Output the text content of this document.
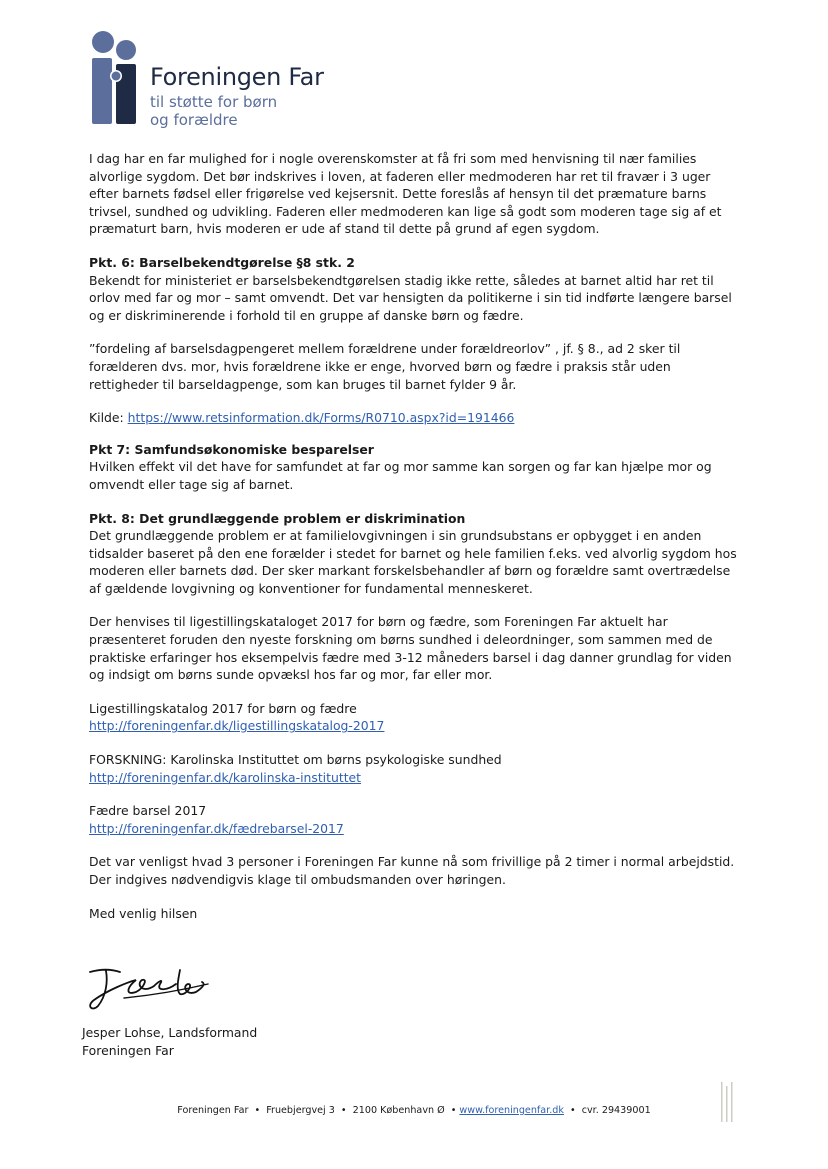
Foreningen Far
til støtte for børn
og forældre

I dag har en far mulighed for i nogle overenskomster at få fri som med henvisning til nær families alvorlige sygdom. Det bør indskrives i loven, at faderen eller medmoderen har ret til fravær i 3 uger efter barnets fødsel eller frigørelse ved kejsersnit. Dette foreslås af hensyn til det præmature barns trivsel, sundhed og udvikling. Faderen eller medmoderen kan lige så godt som moderen tage sig af et præmaturt barn, hvis moderen er ude af stand til dette på grund af egen sygdom.

Pkt. 6: Barselbekendtgørelse §8 stk. 2
Bekendt for ministeriet er barselsbekendtgørelsen stadig ikke rette, således at barnet altid har ret til orlov med far og mor – samt omvendt. Det var hensigten da politikerne i sin tid indførte længere barsel og er diskriminerende i forhold til en gruppe af danske børn og fædre.

”fordeling af barselsdagpengeret mellem forældrene under forældreorlov” , jf. § 8., ad 2 sker til forælderen dvs. mor, hvis forældrene ikke er enge, hvorved børn og fædre i praksis står uden rettigheder til barseldagpenge, som kan bruges til barnet fylder 9 år.

Kilde: https://www.retsinformation.dk/Forms/R0710.aspx?id=191466

Pkt 7: Samfundsøkonomiske besparelser
Hvilken effekt vil det have for samfundet at far og mor samme kan sorgen og far kan hjælpe mor og omvendt eller tage sig af barnet.

Pkt. 8: Det grundlæggende problem er diskrimination
Det grundlæggende problem er at familielovgivningen i sin grundsubstans er opbygget i en anden tidsalder baseret på den ene forælder i stedet for barnet og hele familien f.eks. ved alvorlig sygdom hos moderen eller barnets død. Der sker markant forskelsbehandler af børn og forældre samt overtrædelse af gældende lovgivning og konventioner for fundamental menneskeret.

Der henvises til ligestillingskataloget 2017 for børn og fædre, som Foreningen Far aktuelt har præsenteret foruden den nyeste forskning om børns sundhed i deleordninger, som sammen med de praktiske erfaringer hos eksempelvis fædre med 3-12 måneders barsel i dag danner grundlag for viden og indsigt om børns sunde opvæksl hos far og mor, far eller mor.

Ligestillingskatalog 2017 for børn og fædre
http://foreningenfar.dk/ligestillingskatalog-2017

FORSKNING: Karolinska Instituttet om børns psykologiske sundhed
http://foreningenfar.dk/karolinska-instituttet

Fædre barsel 2017
http://foreningenfar.dk/fædrebarsel-2017

Det var venligst hvad 3 personer i Foreningen Far kunne nå som frivillige på 2 timer i normal arbejdstid. Der indgives nødvendigvis klage til ombudsmanden over høringen.

Med venlig hilsen

Jesper Lohse, Landsformand
Foreningen Far
Foreningen Far • Fruebjergvej 3 • 2100 København Ø • www.foreningenfar.dk • cvr. 29439001
